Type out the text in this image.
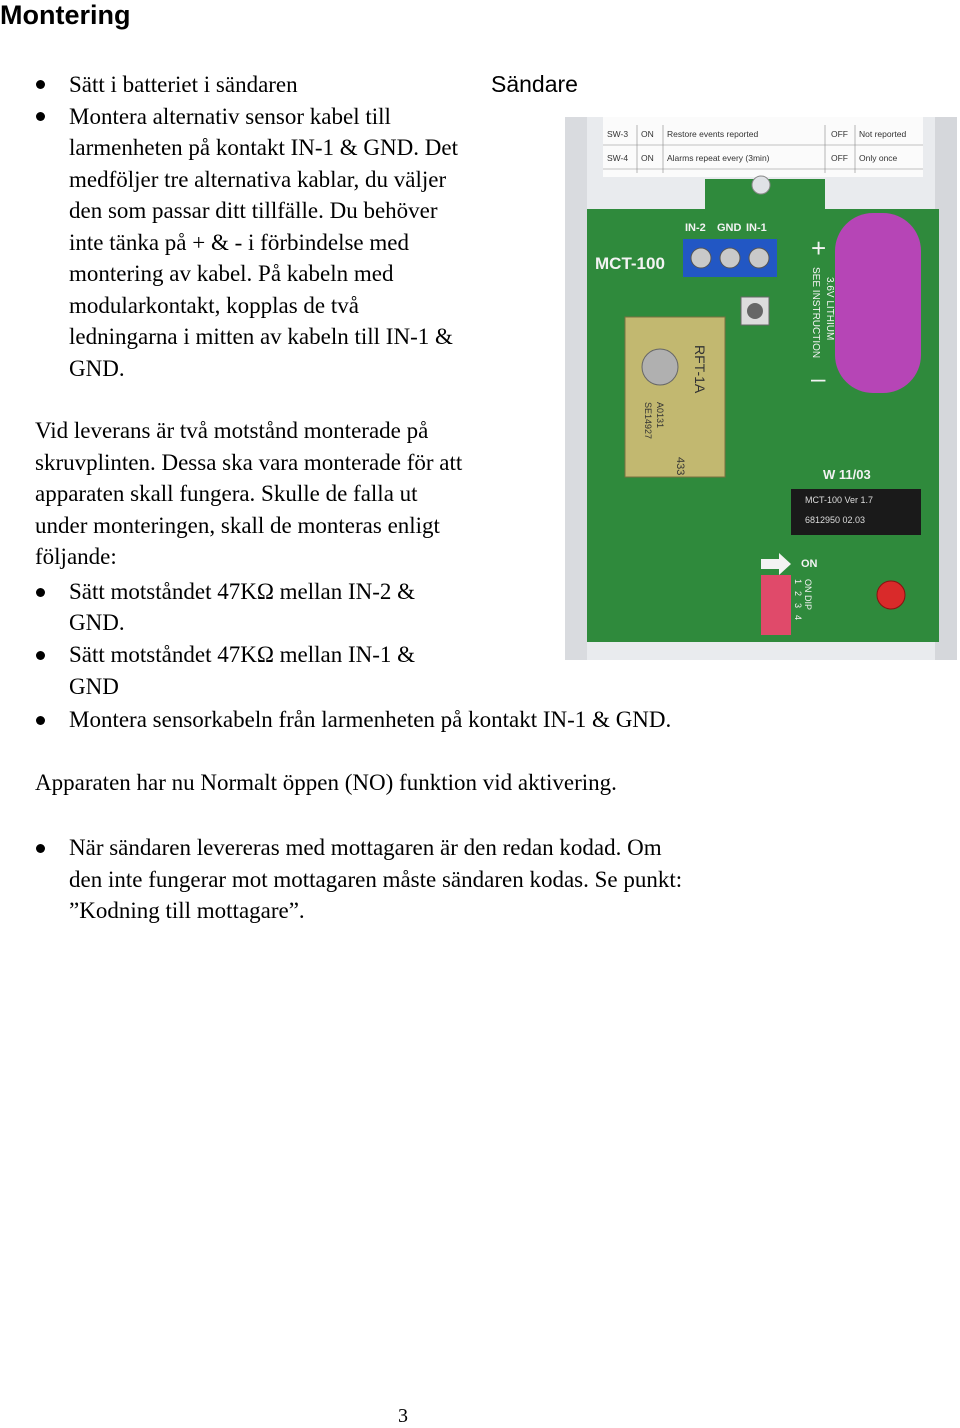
Montering
Sätt i batteriet i sändaren	Sändare
Montera alternativ sensor kabel till
larmenheten på kontakt IN-1 & GND. Det
medföljer tre alternativa kablar, du väljer
den som passar ditt tillfälle. Du behöver
inte tänka på + & - i förbindelse med
montering av kabel. På kabeln med
modularkontakt, kopplas de två
ledningarna i mitten av kabeln till IN-1 &
GND.
Vid leverans är två motstånd monterade på
skruvplinten. Dessa ska vara monterade för att
apparaten skall fungera. Skulle de falla ut
under monteringen, skall de monteras enligt
följande:
Sätt motståndet 47KΩ mellan IN-2 &
GND.
Sätt motståndet 47KΩ mellan IN-1 &
GND
Montera sensorkabeln från larmenheten på kontakt IN-1 & GND.
Apparaten har nu Normalt öppen (NO) funktion vid aktivering.
När sändaren levereras med mottagaren är den redan kodad. Om
den inte fungerar mot mottagaren måste sändaren kodas. Se punkt:
”Kodning till mottagare”.
3
SW-3 ON Restore events reported	OFF Not reported
SW-4 ON Alarms repeat every (3min)	OFF Only once
MCT-100
IN-2 GND IN-1
+
–
3.6V LITHIUM
SEE INSTRUCTION
RFT-1A
A0131
SE14927
433	W 11/03
MCT-100 Ver 1.7
6812950 02.03
ON
ON DIP
1
2
3
4
